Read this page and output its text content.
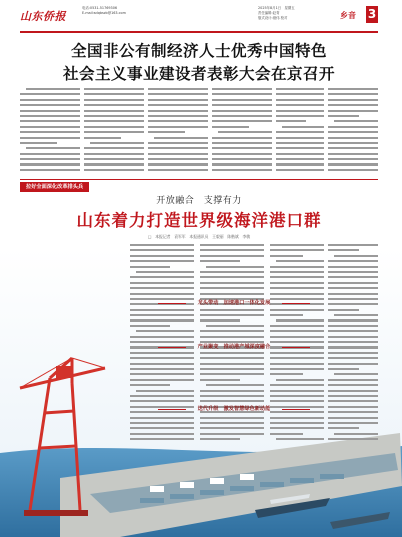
山东侨报
电话:0531-51769306
E-mail:sdqbszb@163.com
2025年8月1日　 星期五
责任编辑:赵青
版式设计:褚伟 校对	乡音 3
全国非公有制经济人士优秀中国特色
社会主义事业建设者表彰大会在京召开
拉好全面深化改革排头兵
开放融合　支撑有力
山东着力打造世界级海洋港口群
□　本报记者　袁军军　本报通讯员　王毅丽　陈楷斌　李敏
龙头带动　加速港口一体化发展
产业聚变　推动港产城深度融合
迭代升级　激发智慧绿色新动能
